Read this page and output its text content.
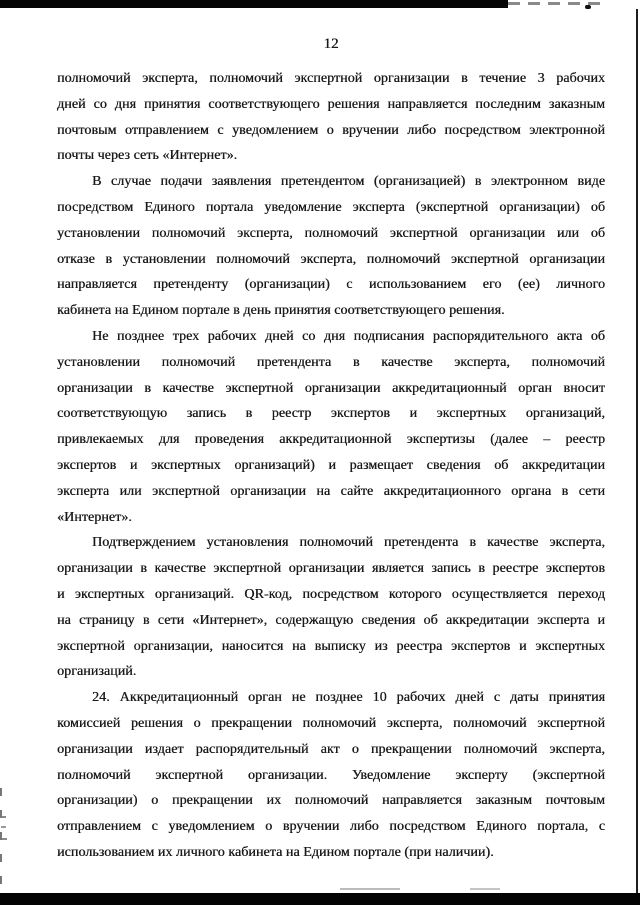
12
полномочий эксперта, полномочий экспертной организации в течение 3 рабочих
дней со дня принятия соответствующего решения направляется последним заказным
почтовым отправлением с уведомлением о вручении либо посредством электронной
почты через сеть «Интернет».
В случае подачи заявления претендентом (организацией) в электронном виде
посредством Единого портала уведомление эксперта (экспертной организации) об
установлении полномочий эксперта, полномочий экспертной организации или об
отказе в установлении полномочий эксперта, полномочий экспертной организации
направляется претенденту (организации) с использованием его (ее) личного
кабинета на Едином портале в день принятия соответствующего решения.
Не позднее трех рабочих дней со дня подписания распорядительного акта об
установлении полномочий претендента в качестве эксперта, полномочий
организации в качестве экспертной организации аккредитационный орган вносит
соответствующую запись в реестр экспертов и экспертных организаций,
привлекаемых для проведения аккредитационной экспертизы (далее – реестр
экспертов и экспертных организаций) и размещает сведения об аккредитации
эксперта или экспертной организации на сайте аккредитационного органа в сети
«Интернет».
Подтверждением установления полномочий претендента в качестве эксперта,
организации в качестве экспертной организации является запись в реестре экспертов
и экспертных организаций. QR-код, посредством которого осуществляется переход
на страницу в сети «Интернет», содержащую сведения об аккредитации эксперта и
экспертной организации, наносится на выписку из реестра экспертов и экспертных
организаций.
24. Аккредитационный орган не позднее 10 рабочих дней с даты принятия
комиссией решения о прекращении полномочий эксперта, полномочий экспертной
организации издает распорядительный акт о прекращении полномочий эксперта,
полномочий экспертной организации. Уведомление эксперту (экспертной
организации) о прекращении их полномочий направляется заказным почтовым
отправлением с уведомлением о вручении либо посредством Единого портала, с
использованием их личного кабинета на Едином портале (при наличии).
